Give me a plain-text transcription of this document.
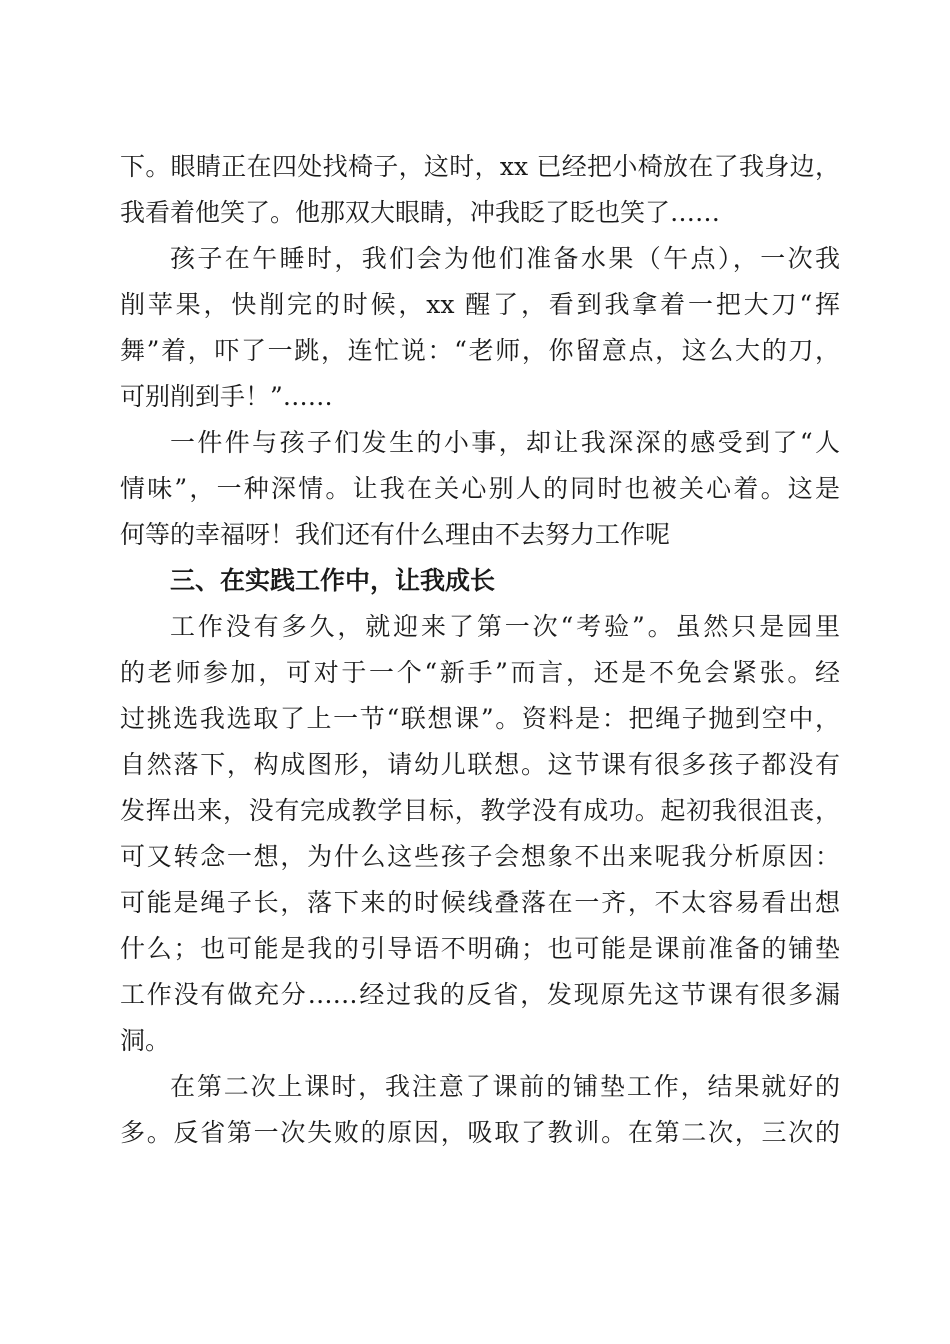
下。眼睛正在四处找椅子，这时，xx 已经把小椅放在了我身边，
我看着他笑了。他那双大眼睛，冲我眨了眨也笑了……
孩子在午睡时，我们会为他们准备水果（午点），一次我
削苹果，快削完的时候，xx 醒了，看到我拿着一把大刀“挥
舞”着，吓了一跳，连忙说：“老师，你留意点，这么大的刀，
可别削到手！”……
一件件与孩子们发生的小事，却让我深深的感受到了“人
情味”，一种深情。让我在关心别人的同时也被关心着。这是
何等的幸福呀！我们还有什么理由不去努力工作呢
三、在实践工作中，让我成长
工作没有多久，就迎来了第一次“考验”。虽然只是园里
的老师参加，可对于一个“新手”而言，还是不免会紧张。经
过挑选我选取了上一节“联想课”。资料是：把绳子抛到空中，
自然落下，构成图形，请幼儿联想。这节课有很多孩子都没有
发挥出来，没有完成教学目标，教学没有成功。起初我很沮丧，
可又转念一想，为什么这些孩子会想象不出来呢我分析原因：
可能是绳子长，落下来的时候线叠落在一齐，不太容易看出想
什么；也可能是我的引导语不明确；也可能是课前准备的铺垫
工作没有做充分……经过我的反省，发现原先这节课有很多漏
洞。
在第二次上课时，我注意了课前的铺垫工作，结果就好的
多。反省第一次失败的原因，吸取了教训。在第二次，三次的
